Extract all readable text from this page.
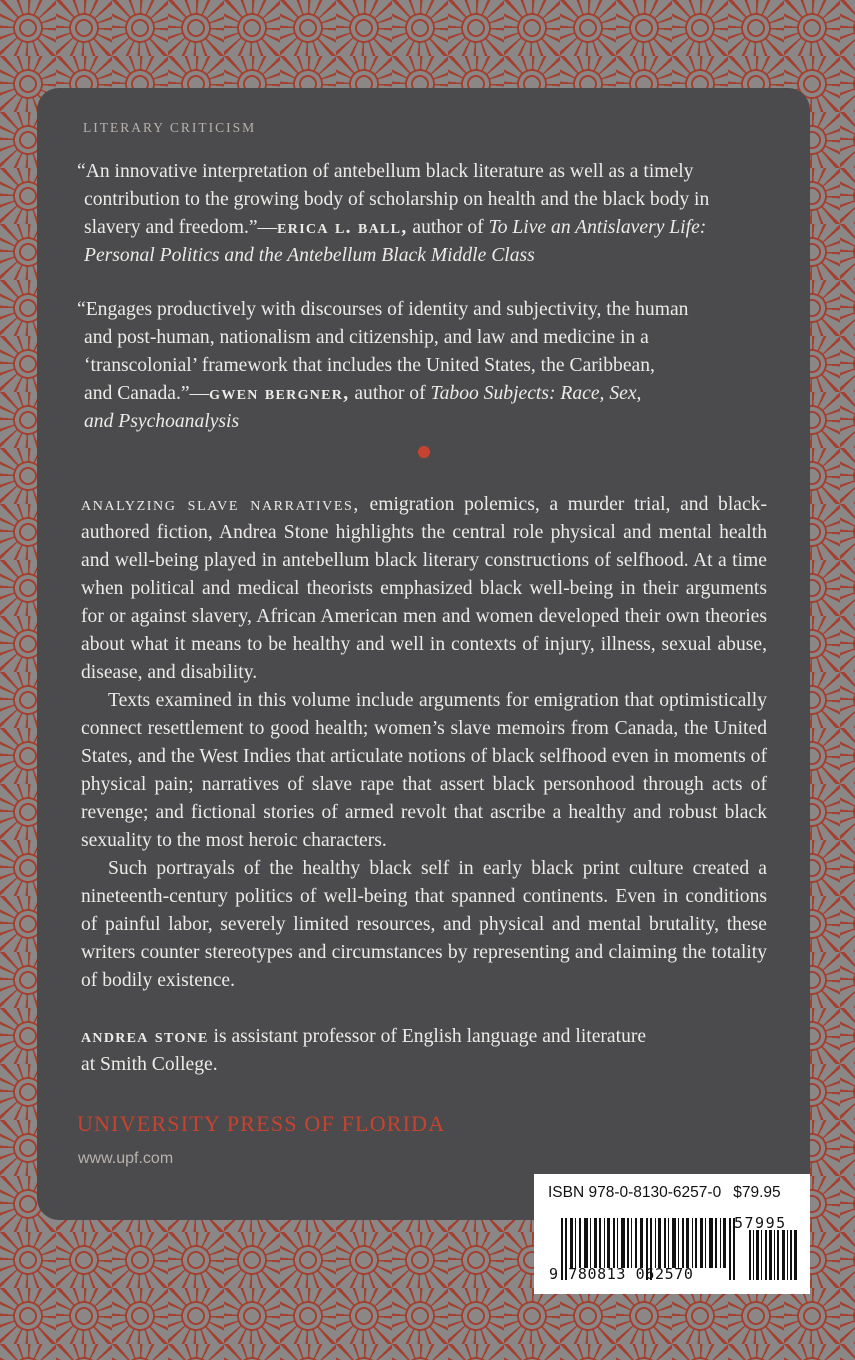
LITERARY CRITICISM
“An innovative interpretation of antebellum black literature as well as a timely
contribution to the growing body of scholarship on health and the black body in
slavery and freedom.”—erica l. ball, author of To Live an Antislavery Life:
Personal Politics and the Antebellum Black Middle Class
“Engages productively with discourses of identity and subjectivity, the human
and post-human, nationalism and citizenship, and law and medicine in a
‘transcolonial’ framework that includes the United States, the Caribbean,
and Canada.”—gwen bergner, author of Taboo Subjects: Race, Sex,
and Psychoanalysis

analyzing slave narratives, emigration polemics, a murder trial, and black-authored fiction, Andrea Stone highlights the central role physical and mental health and well-being played in antebellum black literary constructions of selfhood. At a time when political and medical theorists emphasized black well-being in their arguments for or against slavery, African American men and women developed their own theories about what it means to be healthy and well in contexts of injury, illness, sexual abuse, disease, and disability.

Texts examined in this volume include arguments for emigration that optimistically connect resettlement to good health; women’s slave memoirs from Canada, the United States, and the West Indies that articulate notions of black selfhood even in moments of physical pain; narratives of slave rape that assert black personhood through acts of revenge; and fictional stories of armed revolt that ascribe a healthy and robust black sexuality to the most heroic characters.

Such portrayals of the healthy black self in early black print culture created a nineteenth-century politics of well-being that spanned continents. Even in conditions of painful labor, severely limited resources, and physical and mental brutality, these writers counter stereotypes and circumstances by representing and claiming the totality of bodily existence.

andrea stone is assistant professor of English language and literature
at Smith College.
UNIVERSITY PRESS OF FLORIDA
www.upf.com
ISBN 978-0-8130-6257-0 $79.95
57995
9 780813 062570
